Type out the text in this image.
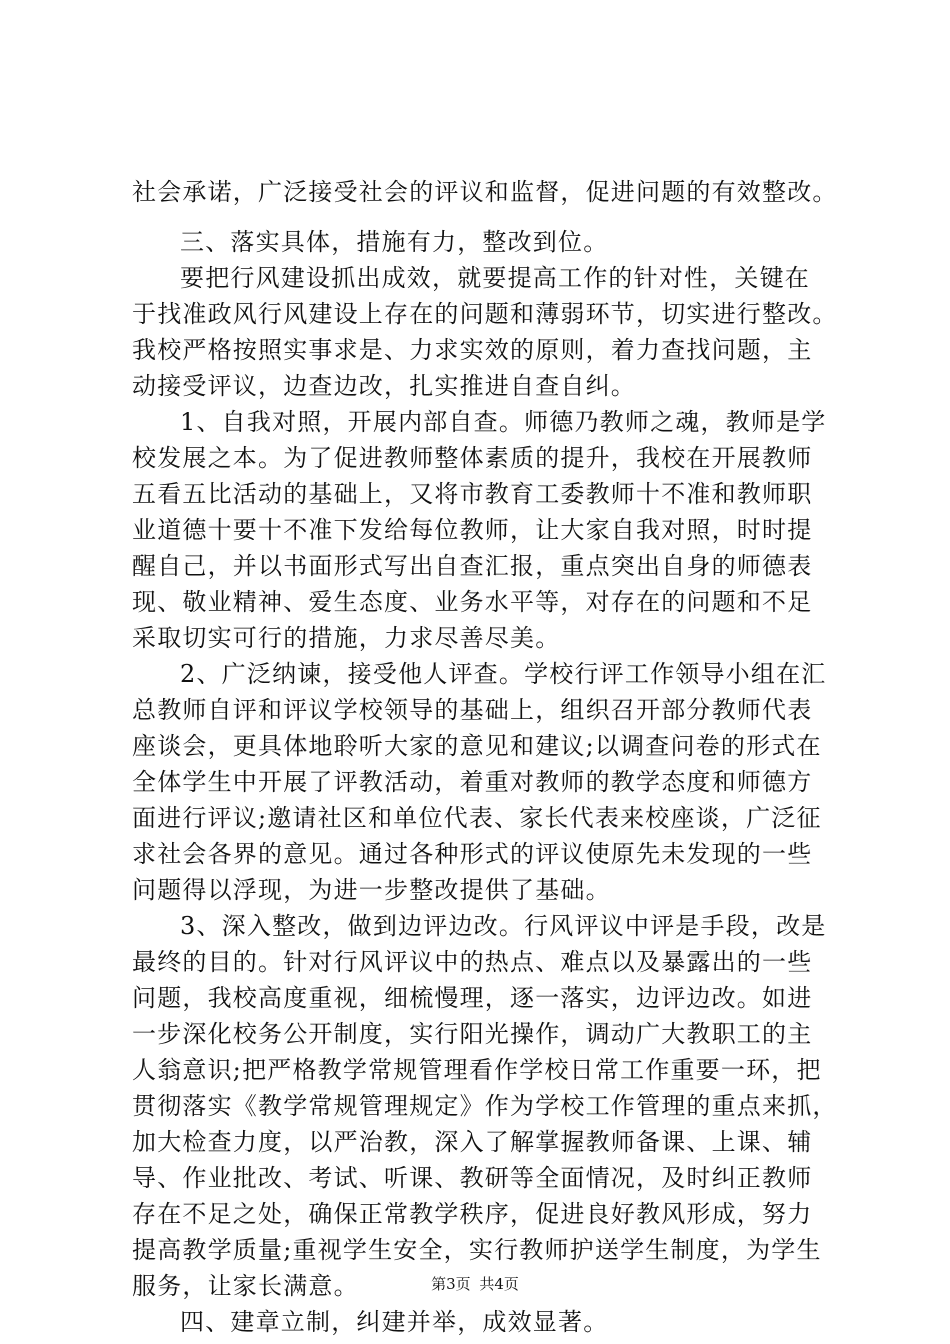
社会承诺，广泛接受社会的评议和监督，促进问题的有效整改。

三、落实具体，措施有力，整改到位。

要把行风建设抓出成效，就要提高工作的针对性，关键在

于找准政风行风建设上存在的问题和薄弱环节，切实进行整改。

我校严格按照实事求是、力求实效的原则，着力查找问题，主

动接受评议，边查边改，扎实推进自查自纠。

1、自我对照，开展内部自查。师德乃教师之魂，教师是学

校发展之本。为了促进教师整体素质的提升，我校在开展教师

五看五比活动的基础上，又将市教育工委教师十不准和教师职

业道德十要十不准下发给每位教师，让大家自我对照，时时提

醒自己，并以书面形式写出自查汇报，重点突出自身的师德表

现、敬业精神、爱生态度、业务水平等，对存在的问题和不足

采取切实可行的措施，力求尽善尽美。

2、广泛纳谏，接受他人评查。学校行评工作领导小组在汇

总教师自评和评议学校领导的基础上，组织召开部分教师代表

座谈会，更具体地聆听大家的意见和建议;以调查问卷的形式在

全体学生中开展了评教活动，着重对教师的教学态度和师德方

面进行评议;邀请社区和单位代表、家长代表来校座谈，广泛征

求社会各界的意见。通过各种形式的评议使原先未发现的一些

问题得以浮现，为进一步整改提供了基础。

3、深入整改，做到边评边改。行风评议中评是手段，改是

最终的目的。针对行风评议中的热点、难点以及暴露出的一些

问题，我校高度重视，细梳慢理，逐一落实，边评边改。如进

一步深化校务公开制度，实行阳光操作，调动广大教职工的主

人翁意识;把严格教学常规管理看作学校日常工作重要一环，把

贯彻落实《教学常规管理规定》作为学校工作管理的重点来抓，

加大检查力度，以严治教，深入了解掌握教师备课、上课、辅

导、作业批改、考试、听课、教研等全面情况，及时纠正教师

存在不足之处，确保正常教学秩序，促进良好教风形成，努力

提高教学质量;重视学生安全，实行教师护送学生制度，为学生

服务，让家长满意。

四、建章立制，纠建并举，成效显著。

第3页 共4页
